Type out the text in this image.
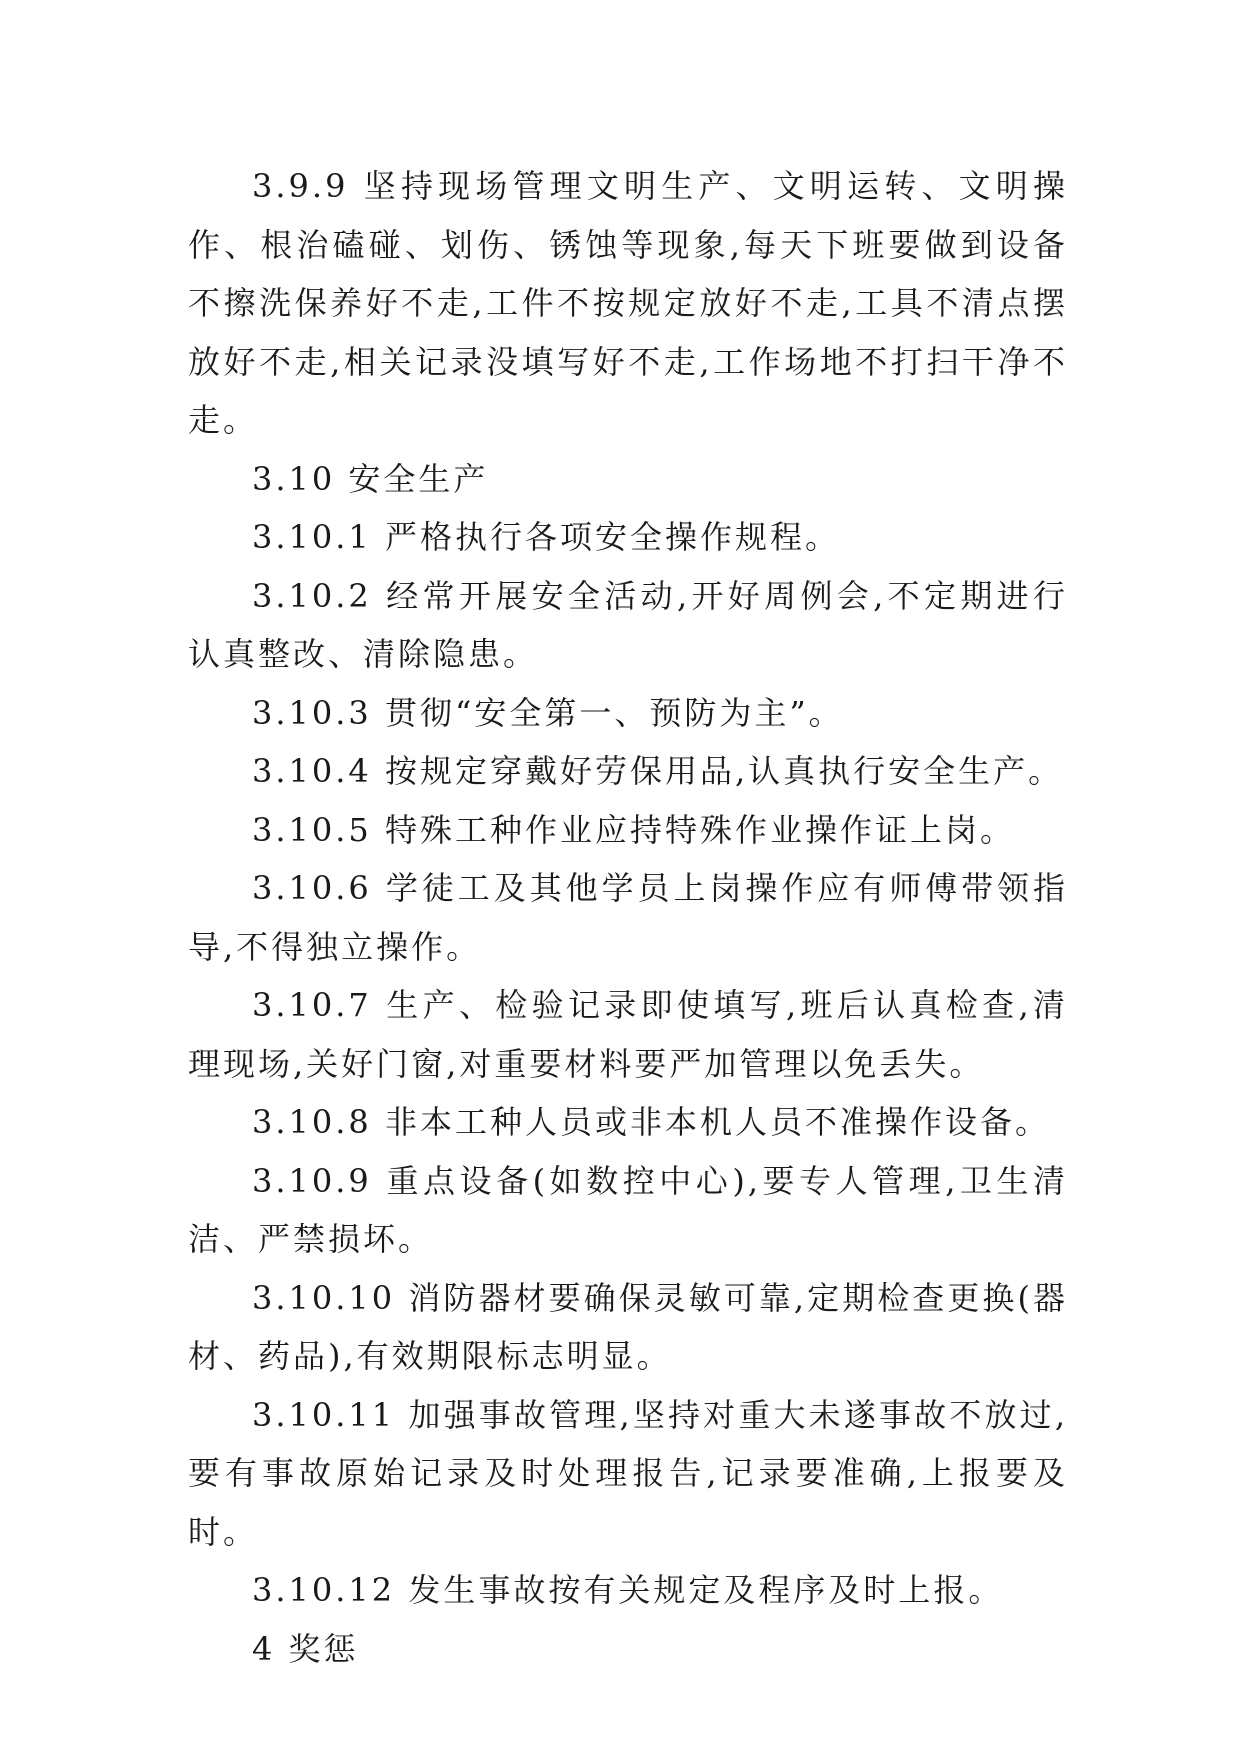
3.9.9 坚持现场管理文明生产、文明运转、文明操作、根治磕碰、划伤、锈蚀等现象,每天下班要做到设备不擦洗保养好不走,工件不按规定放好不走,工具不清点摆放好不走,相关记录没填写好不走,工作场地不打扫干净不走。

3.10 安全生产

3.10.1 严格执行各项安全操作规程。

3.10.2 经常开展安全活动,开好周例会,不定期进行认真整改、清除隐患。

3.10.3 贯彻“安全第一、预防为主”。

3.10.4 按规定穿戴好劳保用品,认真执行安全生产。

3.10.5 特殊工种作业应持特殊作业操作证上岗。

3.10.6 学徒工及其他学员上岗操作应有师傅带领指导,不得独立操作。

3.10.7 生产、检验记录即使填写,班后认真检查,清理现场,关好门窗,对重要材料要严加管理以免丢失。

3.10.8 非本工种人员或非本机人员不准操作设备。

3.10.9 重点设备(如数控中心),要专人管理,卫生清洁、严禁损坏。

3.10.10 消防器材要确保灵敏可靠,定期检查更换(器材、药品),有效期限标志明显。

3.10.11 加强事故管理,坚持对重大未遂事故不放过,要有事故原始记录及时处理报告,记录要准确,上报要及时。

3.10.12 发生事故按有关规定及程序及时上报。

4 奖惩
